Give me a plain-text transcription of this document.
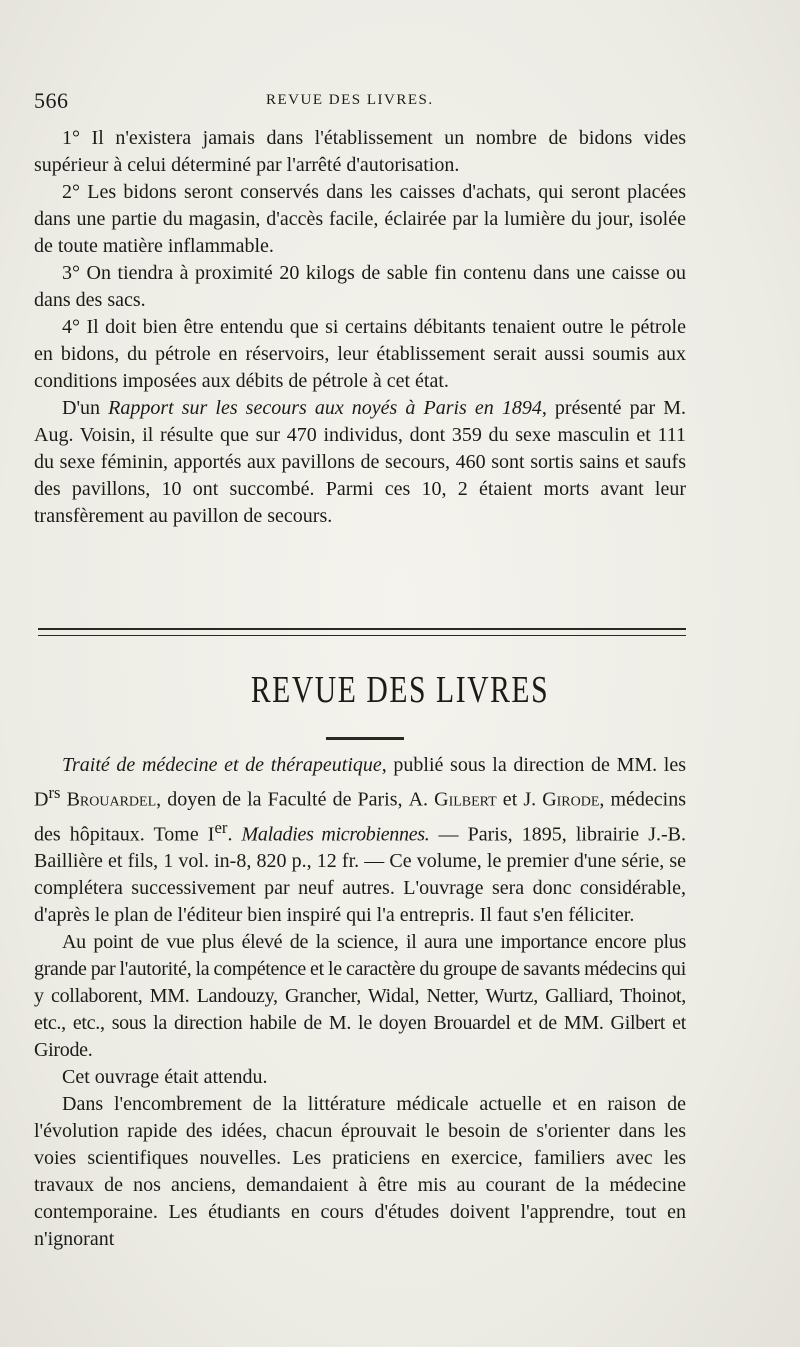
566	REVUE DES LIVRES.

1° Il n'existera jamais dans l'établissement un nombre de bidons vides supérieur à celui déterminé par l'arrêté d'autorisation.

2° Les bidons seront conservés dans les caisses d'achats, qui seront placées dans une partie du magasin, d'accès facile, éclairée par la lumière du jour, isolée de toute matière inflammable.

3° On tiendra à proximité 20 kilogs de sable fin contenu dans une caisse ou dans des sacs.

4° Il doit bien être entendu que si certains débitants tenaient outre le pétrole en bidons, du pétrole en réservoirs, leur établissement serait aussi soumis aux conditions imposées aux débits de pétrole à cet état.

D'un Rapport sur les secours aux noyés à Paris en 1894, présenté par M. Aug. Voisin, il résulte que sur 470 individus, dont 359 du sexe masculin et 111 du sexe féminin, apportés aux pavillons de secours, 460 sont sortis sains et saufs des pavillons, 10 ont succombé. Parmi ces 10, 2 étaient morts avant leur transfèrement au pavillon de secours.

REVUE DES LIVRES

Traité de médecine et de thérapeutique, publié sous la direction de MM. les $D^{rs}$ Brouardel, doyen de la Faculté de Paris, A. Gilbert et J. Girode, médecins des hôpitaux. Tome Ier. Maladies microbiennes. — Paris, 1895, librairie J.-B. Baillière et fils, 1 vol. in-8, 820 p., 12 fr. — Ce volume, le premier d'une série, se complétera successivement par neuf autres. L'ouvrage sera donc considérable, d'après le plan de l'éditeur bien inspiré qui l'a entrepris. Il faut s'en féliciter.

Au point de vue plus élevé de la science, il aura une importance encore plus grande par l'autorité, la compétence et le caractère du groupe de savants médecins qui y collaborent, MM. Landouzy, Grancher, Widal, Netter, Wurtz, Galliard, Thoinot, etc., etc., sous la direction habile de M. le doyen Brouardel et de MM. Gilbert et Girode.

Cet ouvrage était attendu.

Dans l'encombrement de la littérature médicale actuelle et en raison de l'évolution rapide des idées, chacun éprouvait le besoin de s'orienter dans les voies scientifiques nouvelles. Les praticiens en exercice, familiers avec les travaux de nos anciens, demandaient à être mis au courant de la médecine contemporaine. Les étudiants en cours d'études doivent l'apprendre, tout en n'ignorant
